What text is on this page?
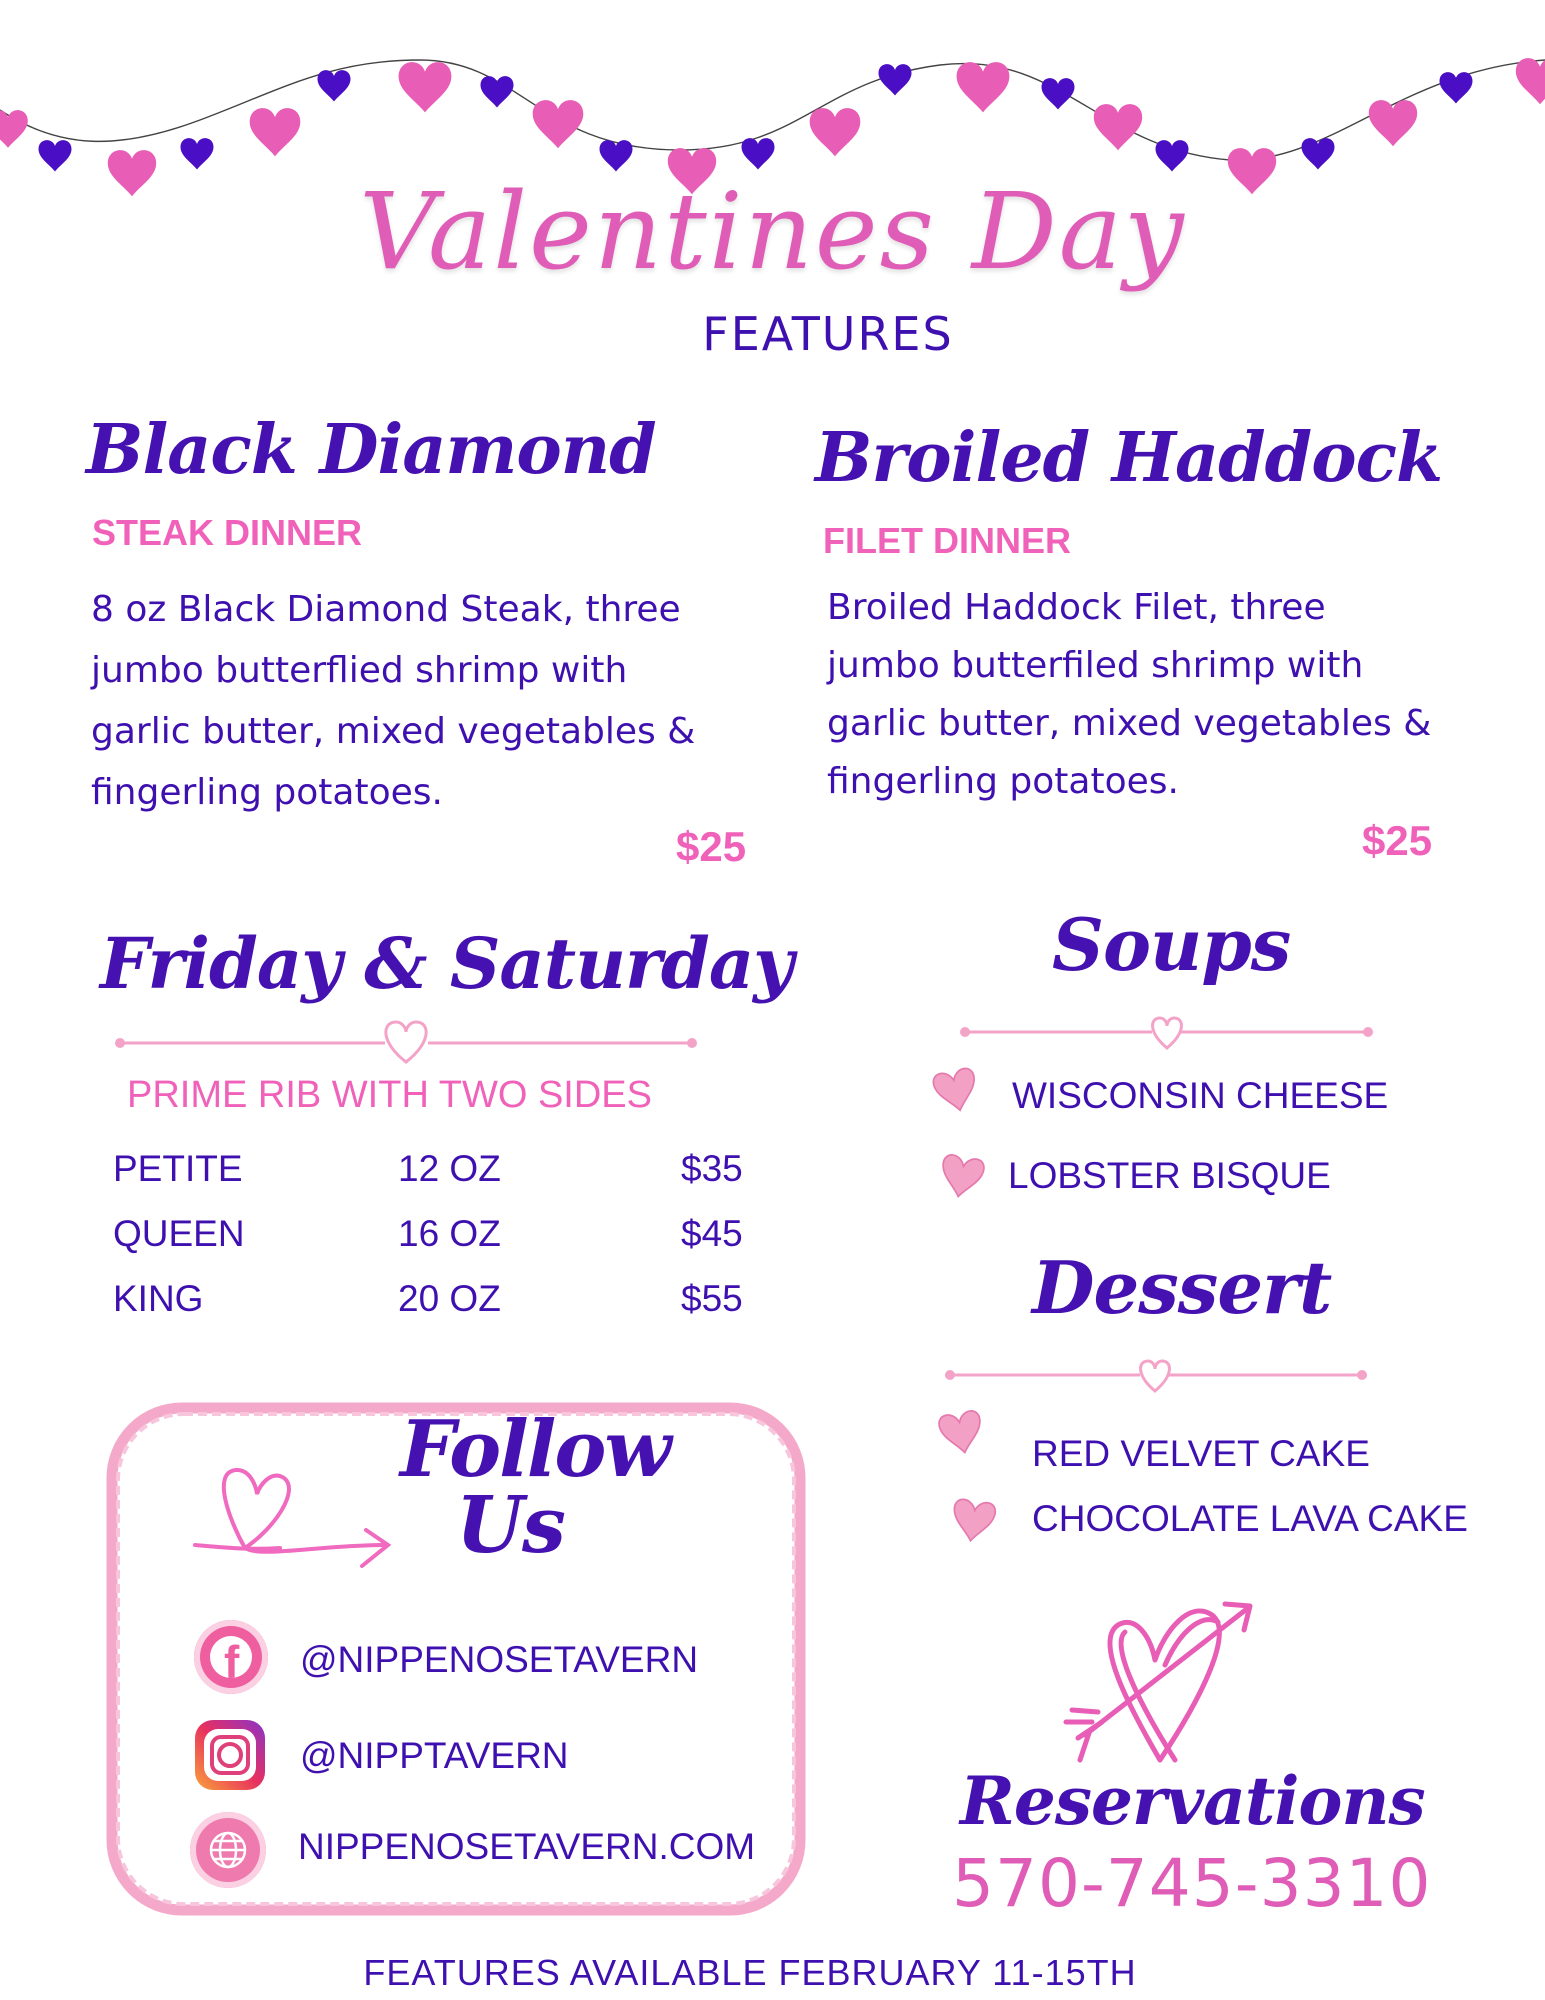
Valentines Day
FEATURES
Black Diamond
STEAK DINNER
8 oz Black Diamond Steak, three
jumbo butterflied shrimp with
garlic butter, mixed vegetables &
fingerling potatoes.
$25
Broiled Haddock
FILET DINNER
Broiled Haddock Filet, three
jumbo butterfiled shrimp with
garlic butter, mixed vegetables &
fingerling potatoes.
$25
Friday & Saturday
PRIME RIB WITH TWO SIDES
PETITE	12 OZ	$35
QUEEN	16 OZ	$45
KING	20 OZ	$55
Soups
WISCONSIN CHEESE
LOBSTER BISQUE
Dessert
RED VELVET CAKE
CHOCOLATE LAVA CAKE
Follow
Us
f @NIPPENOSETAVERN
@NIPPTAVERN
NIPPENOSETAVERN.COM
Reservations
570-745-3310
FEATURES AVAILABLE FEBRUARY 11-15TH
